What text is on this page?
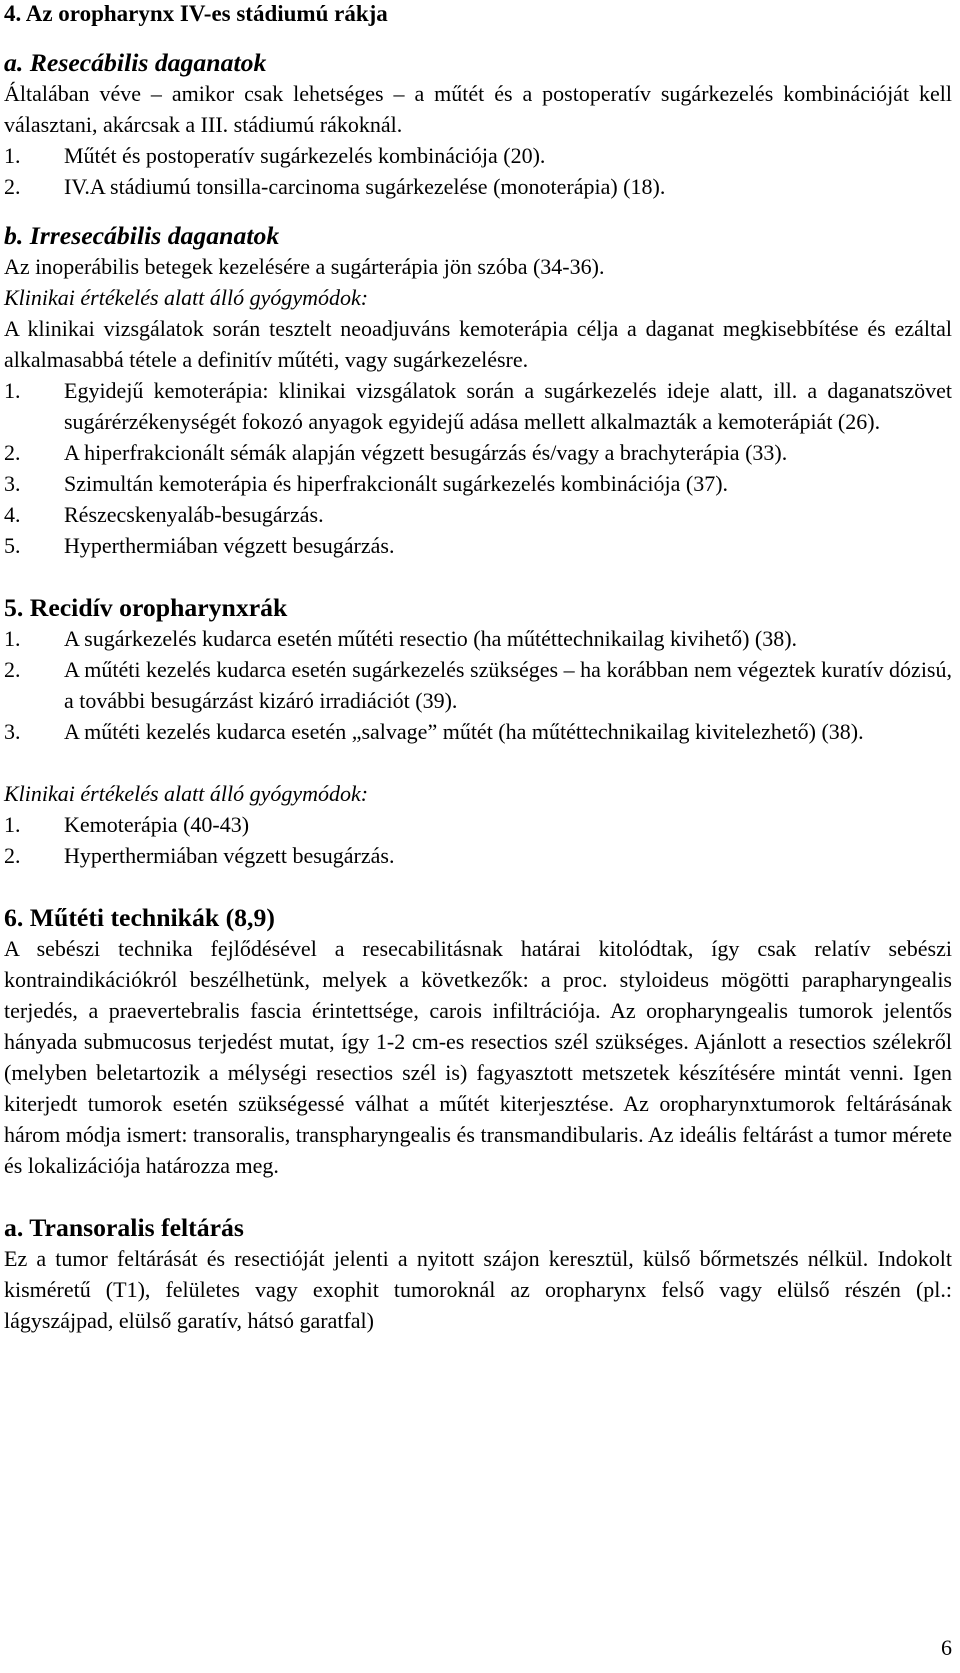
4. Az oropharynx IV-es stádiumú rákja
a. Resecábilis daganatok

Általában véve – amikor csak lehetséges – a műtét és a postoperatív sugárkezelés kombinációját kell választani, akárcsak a III. stádiumú rákoknál.

1.	Műtét és postoperatív sugárkezelés kombinációja (20).
2.	IV.A stádiumú tonsilla-carcinoma sugárkezelése (monoterápia) (18).
b. Irresecábilis daganatok

Az inoperábilis betegek kezelésére a sugárterápia jön szóba (34-36).

Klinikai értékelés alatt álló gyógymódok:

A klinikai vizsgálatok során tesztelt neoadjuváns kemoterápia célja a daganat megkisebbítése és ezáltal alkalmasabbá tétele a definitív műtéti, vagy sugárkezelésre.

1.	Egyidejű kemoterápia: klinikai vizsgálatok során a sugárkezelés ideje alatt, ill. a daganatszövet sugárérzékenységét fokozó anyagok egyidejű adása mellett alkalmazták a kemoterápiát (26).
2.	A hiperfrakcionált sémák alapján végzett besugárzás és/vagy a brachyterápia (33).
3.	Szimultán kemoterápia és hiperfrakcionált sugárkezelés kombinációja (37).
4.	Részecskenyaláb-besugárzás.
5.	Hyperthermiában végzett besugárzás.
5. Recidív oropharynxrák
1.	A sugárkezelés kudarca esetén műtéti resectio (ha műtéttechnikailag kivihető) (38).
2.	A műtéti kezelés kudarca esetén sugárkezelés szükséges – ha korábban nem végeztek kuratív dózisú, a további besugárzást kizáró irradiációt (39).
3.	A műtéti kezelés kudarca esetén „salvage” műtét (ha műtéttechnikailag kivitelezhető) (38).

Klinikai értékelés alatt álló gyógymódok:

1.	Kemoterápia (40-43)
2.	Hyperthermiában végzett besugárzás.
6. Műtéti technikák (8,9)

A sebészi technika fejlődésével a resecabilitásnak határai kitolódtak, így csak relatív sebészi kontraindikációkról beszélhetünk, melyek a következők: a proc. styloideus mögötti parapharyngealis terjedés, a praevertebralis fascia érintettsége, carois infiltrációja. Az oropharyngealis tumorok jelentős hányada submucosus terjedést mutat, így 1-2 cm-es resectios szél szükséges. Ajánlott a resectios szélekről (melyben beletartozik a mélységi resectios szél is) fagyasztott metszetek készítésére mintát venni. Igen kiterjedt tumorok esetén szükségessé válhat a műtét kiterjesztése. Az oropharynxtumorok feltárásának három módja ismert: transoralis, transpharyngealis és transmandibularis. Az ideális feltárást a tumor mérete és lokalizációja határozza meg.

a. Transoralis feltárás

Ez a tumor feltárását és resectióját jelenti a nyitott szájon keresztül, külső bőrmetszés nélkül. Indokolt kisméretű (T1), felületes vagy exophit tumoroknál az oropharynx felső vagy elülső részén (pl.: lágyszájpad, elülső garatív, hátsó garatfal)

6
